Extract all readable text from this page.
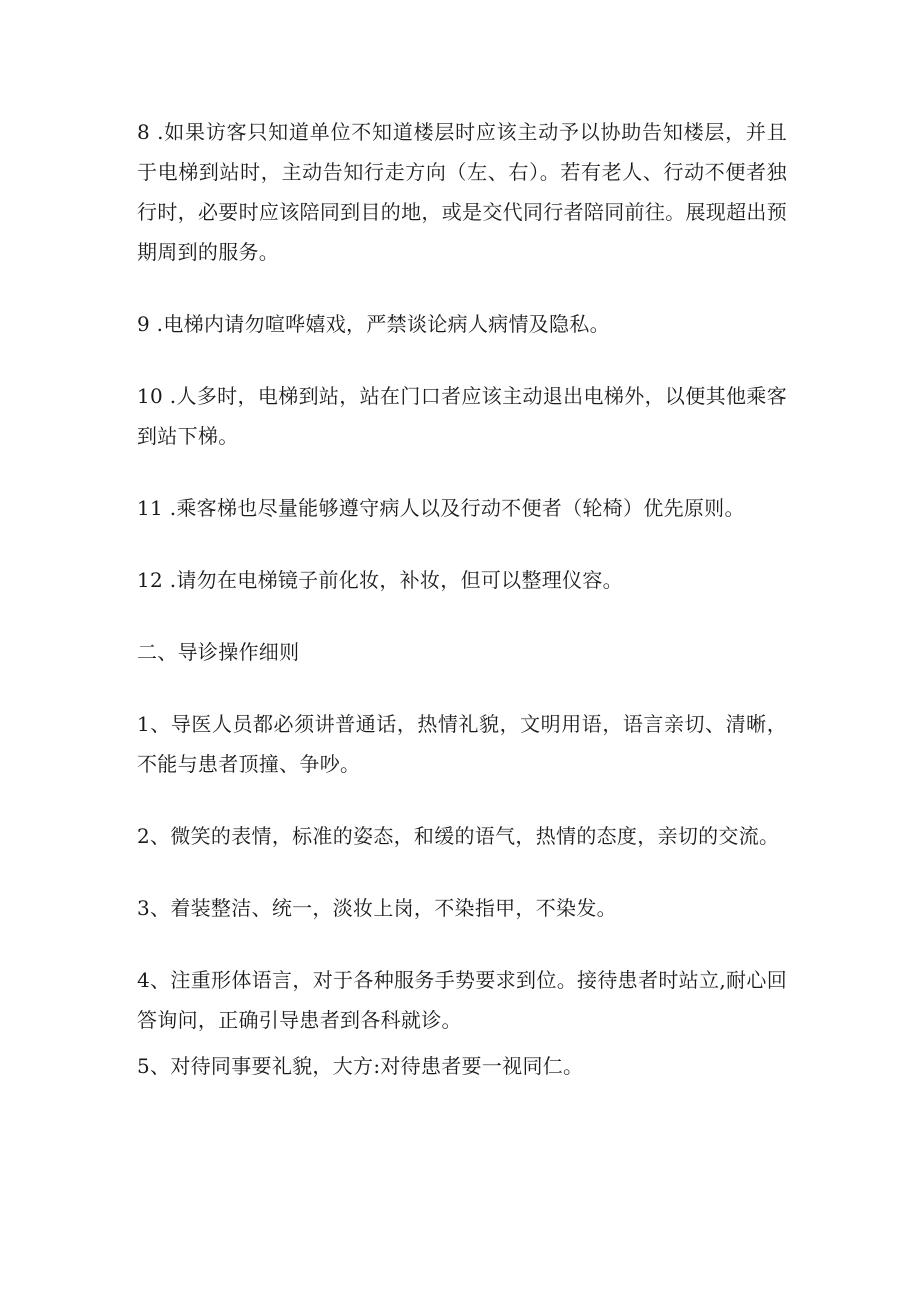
8 .如果访客只知道单位不知道楼层时应该主动予以协助告知楼层，并且于电梯到站时，主动告知行走方向（左、右）。若有老人、行动不便者独行时，必要时应该陪同到目的地，或是交代同行者陪同前往。展现超出预期周到的服务。

9 .电梯内请勿喧哗嬉戏，严禁谈论病人病情及隐私。

10 .人多时，电梯到站，站在门口者应该主动退出电梯外，以便其他乘客到站下梯。

11 .乘客梯也尽量能够遵守病人以及行动不便者（轮椅）优先原则。

12 .请勿在电梯镜子前化妆，补妆，但可以整理仪容。

二、导诊操作细则

1、导医人员都必须讲普通话，热情礼貌，文明用语，语言亲切、清晰，不能与患者顶撞、争吵。

2、微笑的表情，标准的姿态，和缓的语气，热情的态度，亲切的交流。

3、着装整洁、统一，淡妆上岗，不染指甲，不染发。

4、注重形体语言，对于各种服务手势要求到位。接待患者时站立,耐心回答询问，正确引导患者到各科就诊。

5、对待同事要礼貌，大方:对待患者要一视同仁。
